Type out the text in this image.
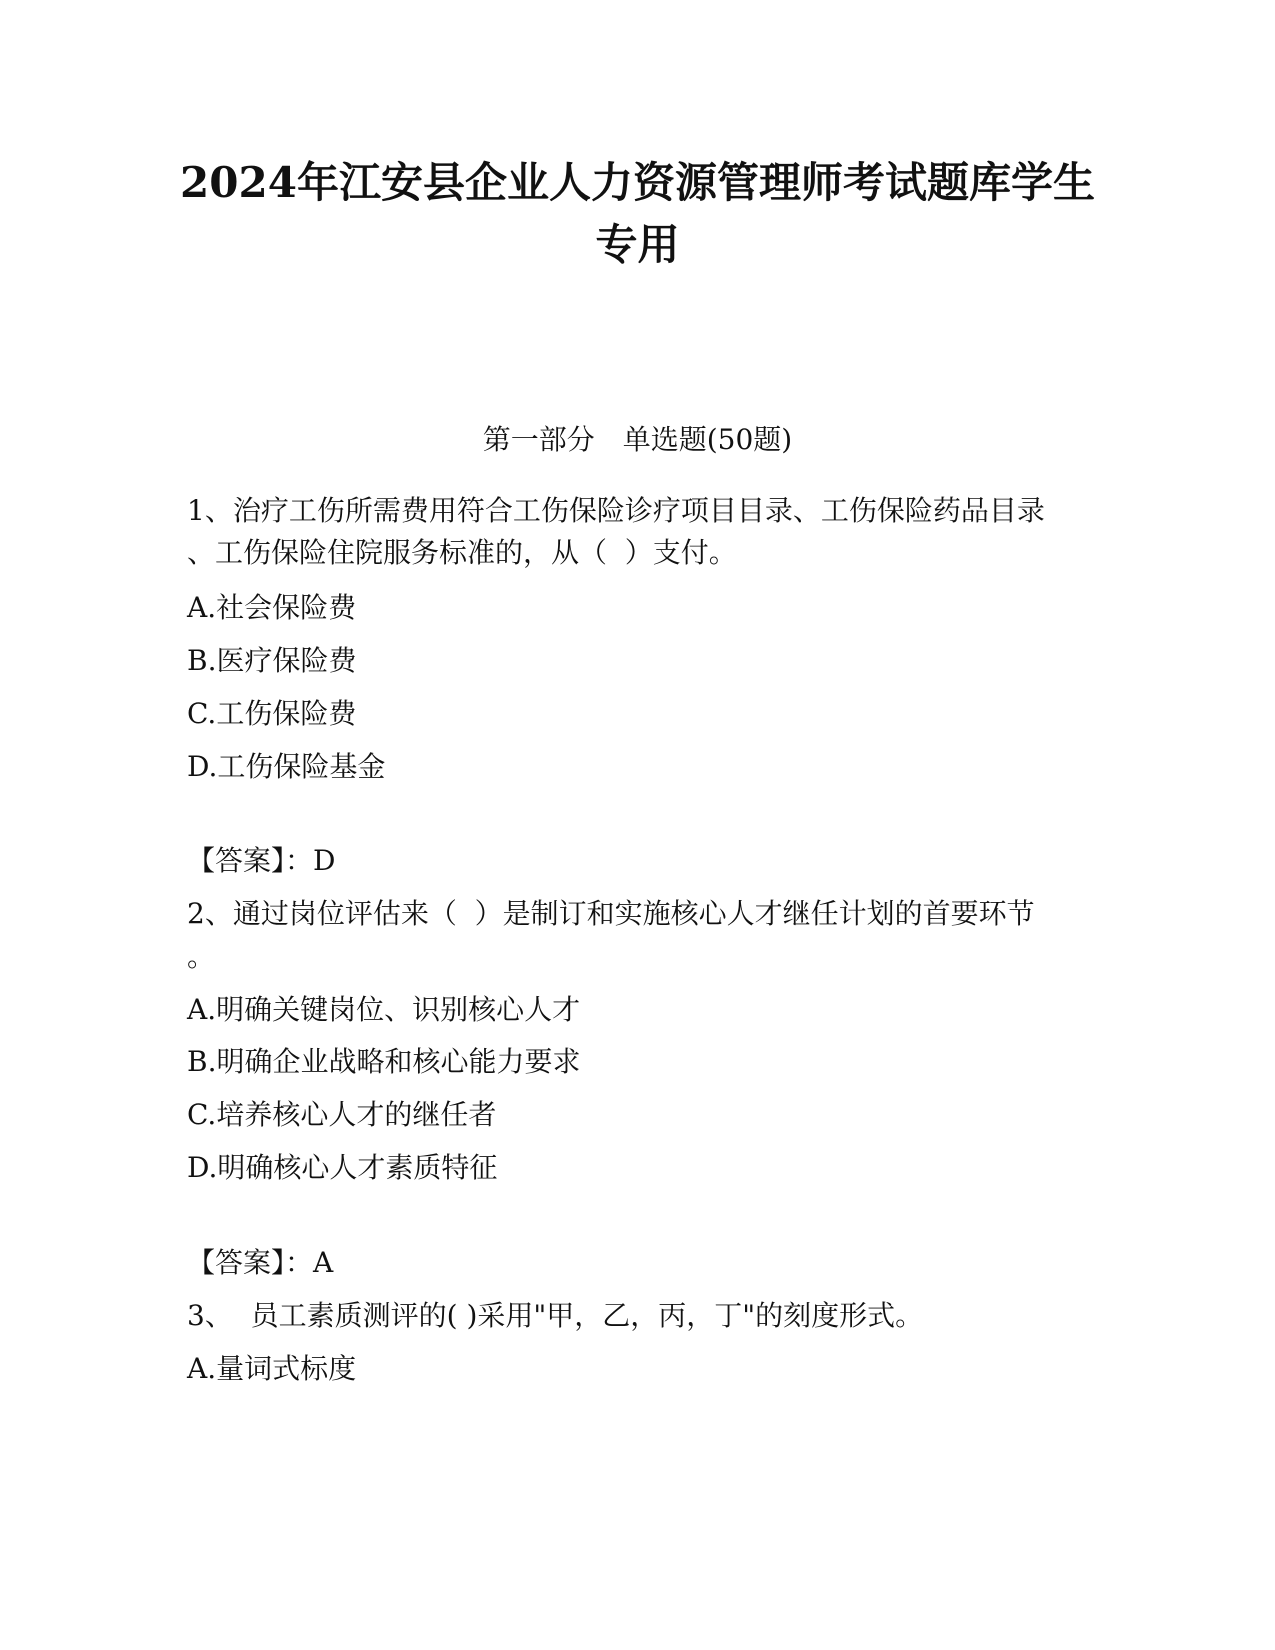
2024年江安县企业人力资源管理师考试题库学生
专用
第一部分　单选题(50题)
1、治疗工伤所需费用符合工伤保险诊疗项目目录、工伤保险药品目录
、工伤保险住院服务标准的，从（  ）支付。
A.社会保险费
B.医疗保险费
C.工伤保险费
D.工伤保险基金
【答案】：D
2、通过岗位评估来（  ）是制订和实施核心人才继任计划的首要环节
。
A.明确关键岗位、识别核心人才
B.明确企业战略和核心能力要求
C.培养核心人才的继任者
D.明确核心人才素质特征
【答案】：A
3、  员工素质测评的( )采用"甲，乙，丙，丁"的刻度形式。
A.量词式标度
